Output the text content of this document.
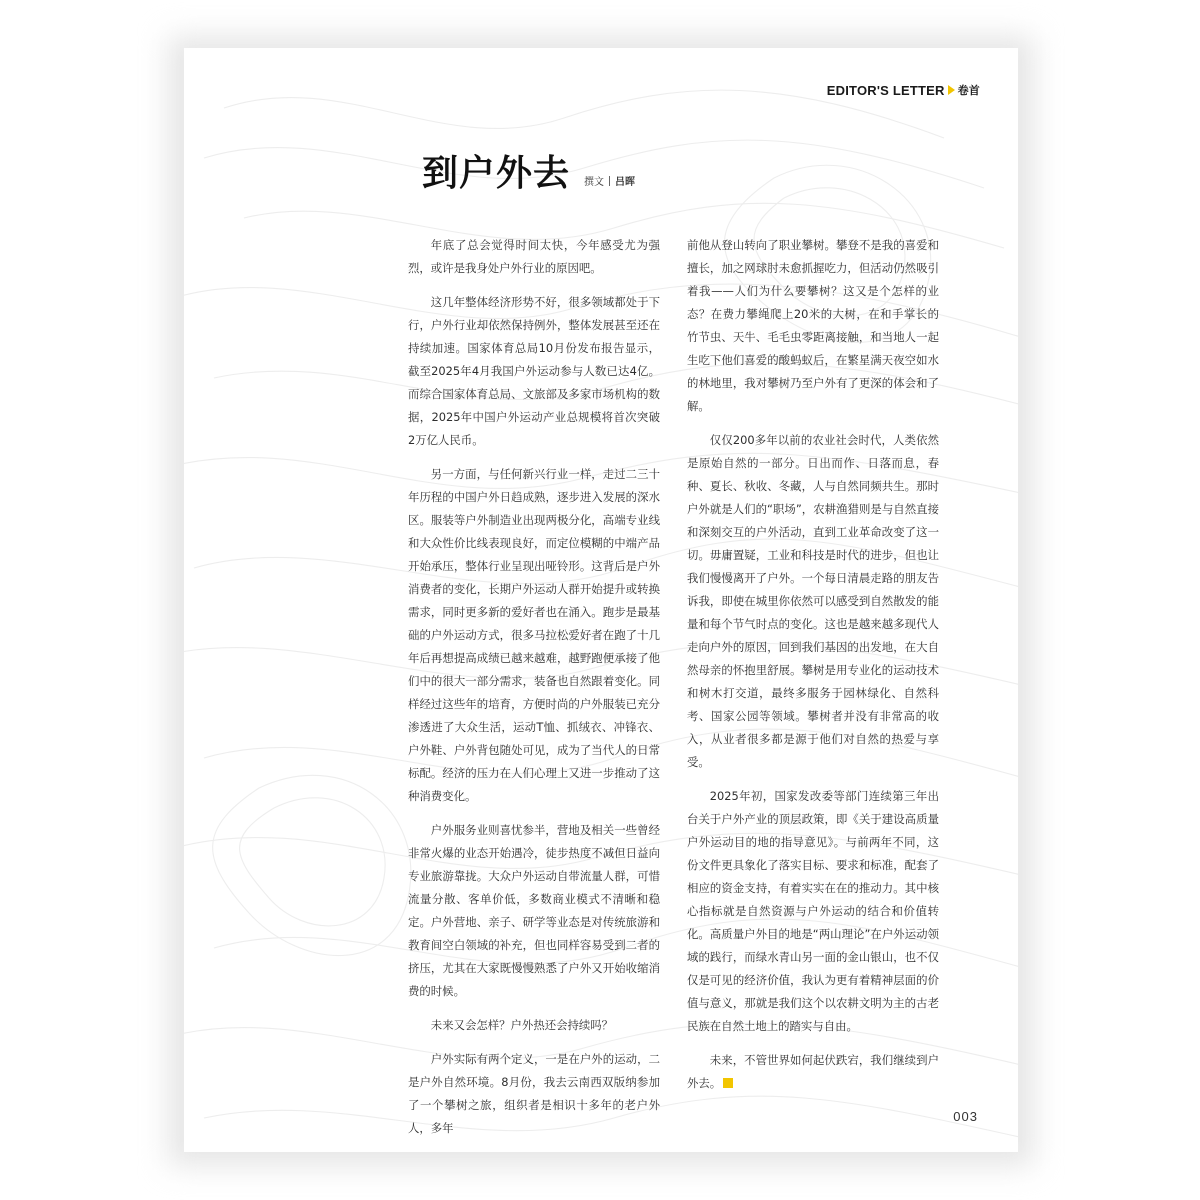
EDITOR'S LETTER 卷首
到户外去 撰文 吕晖

年底了总会觉得时间太快，今年感受尤为强烈，或许是我身处户外行业的原因吧。

这几年整体经济形势不好，很多领域都处于下行，户外行业却依然保持例外，整体发展甚至还在持续加速。国家体育总局10月份发布报告显示，截至2025年4月我国户外运动参与人数已达4亿。而综合国家体育总局、文旅部及多家市场机构的数据，2025年中国户外运动产业总规模将首次突破2万亿人民币。

另一方面，与任何新兴行业一样，走过二三十年历程的中国户外日趋成熟，逐步进入发展的深水区。服装等户外制造业出现两极分化，高端专业线和大众性价比线表现良好，而定位模糊的中端产品开始承压，整体行业呈现出哑铃形。这背后是户外消费者的变化，长期户外运动人群开始提升或转换需求，同时更多新的爱好者也在涌入。跑步是最基础的户外运动方式，很多马拉松爱好者在跑了十几年后再想提高成绩已越来越难，越野跑便承接了他们中的很大一部分需求，装备也自然跟着变化。同样经过这些年的培育，方便时尚的户外服装已充分渗透进了大众生活，运动T恤、抓绒衣、冲锋衣、户外鞋、户外背包随处可见，成为了当代人的日常标配。经济的压力在人们心理上又进一步推动了这种消费变化。

户外服务业则喜忧参半，营地及相关一些曾经非常火爆的业态开始遇冷，徒步热度不减但日益向专业旅游靠拢。大众户外运动自带流量人群，可惜流量分散、客单价低，多数商业模式不清晰和稳定。户外营地、亲子、研学等业态是对传统旅游和教育间空白领域的补充，但也同样容易受到二者的挤压，尤其在大家既慢慢熟悉了户外又开始收缩消费的时候。

未来又会怎样？户外热还会持续吗？

户外实际有两个定义，一是在户外的运动，二是户外自然环境。8月份，我去云南西双版纳参加了一个攀树之旅，组织者是相识十多年的老户外人，多年

前他从登山转向了职业攀树。攀登不是我的喜爱和擅长，加之网球肘未愈抓握吃力，但活动仍然吸引着我——人们为什么要攀树？这又是个怎样的业态？在费力攀绳爬上20米的大树，在和手掌长的竹节虫、天牛、毛毛虫零距离接触，和当地人一起生吃下他们喜爱的酸蚂蚁后，在繁星满天夜空如水的林地里，我对攀树乃至户外有了更深的体会和了解。

仅仅200多年以前的农业社会时代，人类依然是原始自然的一部分。日出而作、日落而息，春种、夏长、秋收、冬藏，人与自然同频共生。那时户外就是人们的“职场”，农耕渔猎则是与自然直接和深刻交互的户外活动，直到工业革命改变了这一切。毋庸置疑，工业和科技是时代的进步，但也让我们慢慢离开了户外。一个每日清晨走路的朋友告诉我，即使在城里你依然可以感受到自然散发的能量和每个节气时点的变化。这也是越来越多现代人走向户外的原因，回到我们基因的出发地，在大自然母亲的怀抱里舒展。攀树是用专业化的运动技术和树木打交道，最终多服务于园林绿化、自然科考、国家公园等领域。攀树者并没有非常高的收入，从业者很多都是源于他们对自然的热爱与享受。

2025年初，国家发改委等部门连续第三年出台关于户外产业的顶层政策，即《关于建设高质量户外运动目的地的指导意见》。与前两年不同，这份文件更具象化了落实目标、要求和标准，配套了相应的资金支持，有着实实在在的推动力。其中核心指标就是自然资源与户外运动的结合和价值转化。高质量户外目的地是“两山理论”在户外运动领域的践行，而绿水青山另一面的金山银山，也不仅仅是可见的经济价值，我认为更有着精神层面的价值与意义，那就是我们这个以农耕文明为主的古老民族在自然土地上的踏实与自由。

未来，不管世界如何起伏跌宕，我们继续到户外去。

003
